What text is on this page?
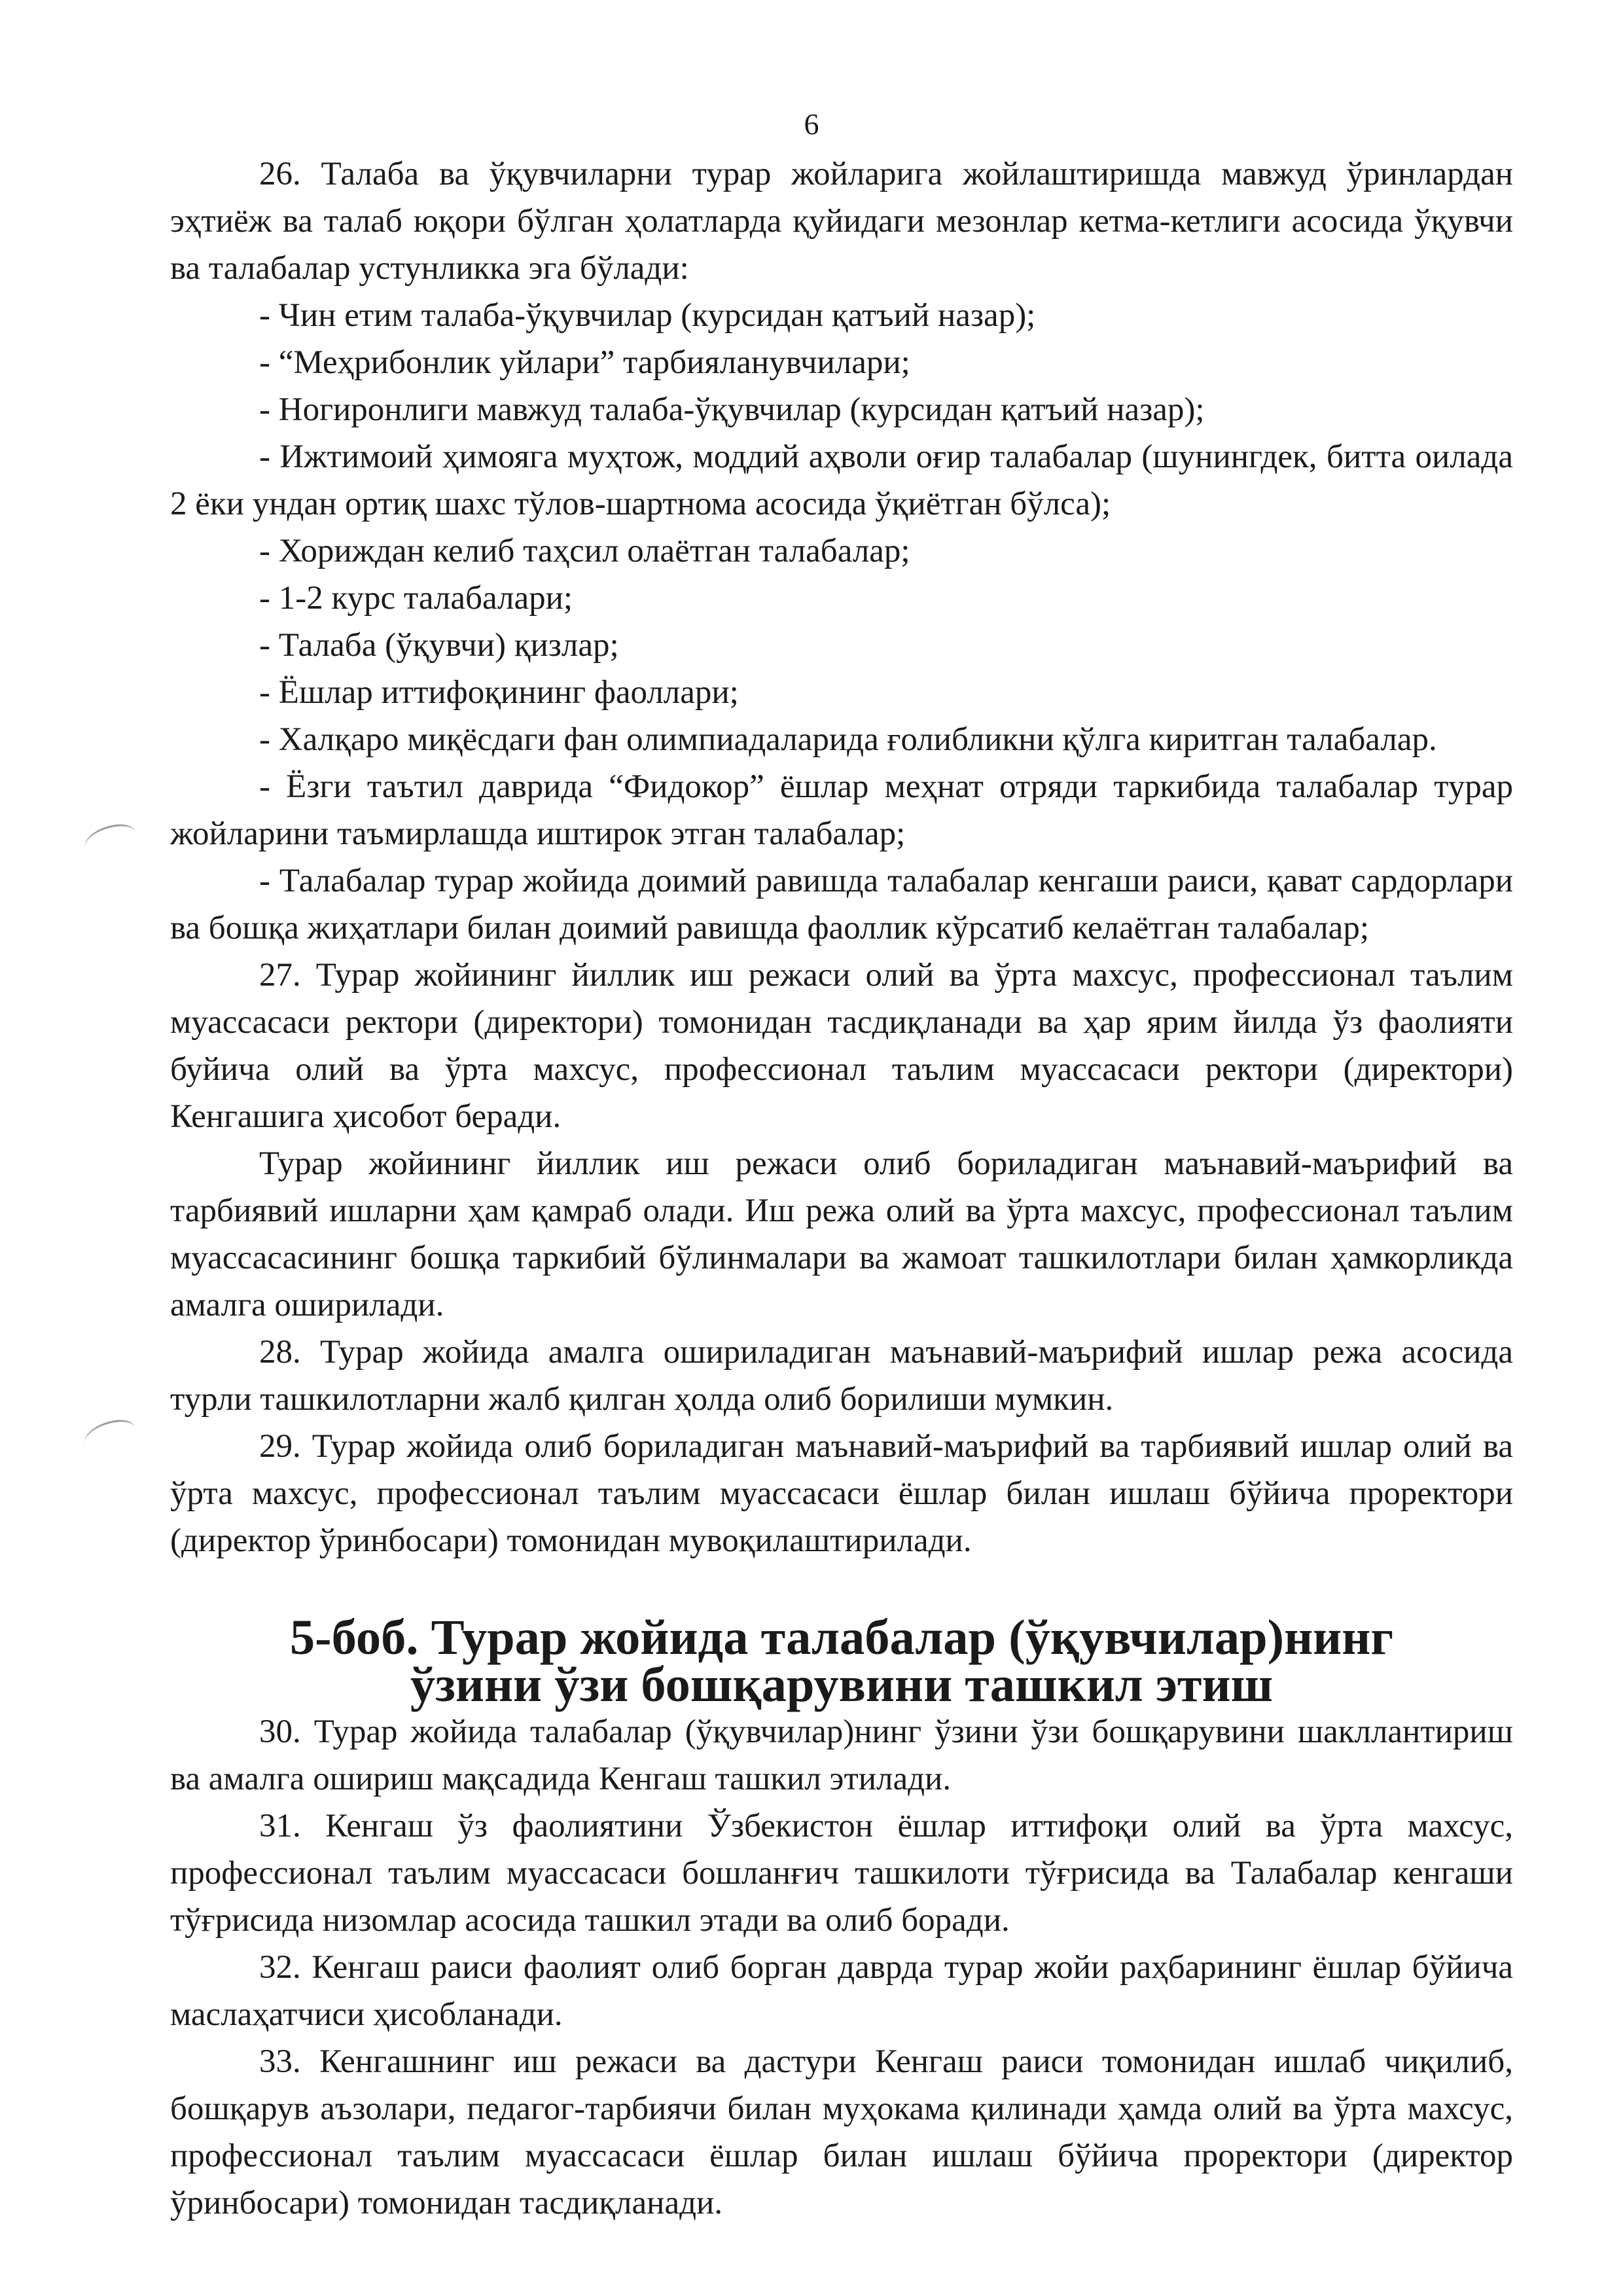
6

26. Талаба ва ўқувчиларни турар жойларига жойлаштиришда мавжуд ўринлардан эҳтиёж ва талаб юқори бўлган ҳолатларда қуйидаги мезонлар кетма-кетлиги асосида ўқувчи ва талабалар устунликка эга бўлади:

- Чин етим талаба-ўқувчилар (курсидан қатъий назар);

- “Меҳрибонлик уйлари” тарбияланувчилари;

- Ногиронлиги мавжуд талаба-ўқувчилар (курсидан қатъий назар);

- Ижтимоий ҳимояга муҳтож, моддий аҳволи оғир талабалар (шунингдек, битта оилада 2 ёки ундан ортиқ шахс тўлов-шартнома асосида ўқиётган бўлса);

- Хориждан келиб таҳсил олаётган талабалар;

- 1-2 курс талабалари;

- Талаба (ўқувчи) қизлар;

- Ёшлар иттифоқининг фаоллари;

- Халқаро миқёсдаги фан олимпиадаларида ғолибликни қўлга киритган талабалар.

- Ёзги таътил даврида “Фидокор” ёшлар меҳнат отряди таркибида талабалар турар жойларини таъмирлашда иштирок этган талабалар;

- Талабалар турар жойида доимий равишда талабалар кенгаши раиси, қават сардорлари ва бошқа жиҳатлари билан доимий равишда фаоллик кўрсатиб келаётган талабалар;

27. Турар жойининг йиллик иш режаси олий ва ўрта махсус, профессионал таълим муассасаси ректори (директори) томонидан тасдиқланади ва ҳар ярим йилда ўз фаолияти буйича олий ва ўрта махсус, профессионал таълим муассасаси ректори (директори) Кенгашига ҳисобот беради.

Турар жойининг йиллик иш режаси олиб бориладиган маънавий-маърифий ва тарбиявий ишларни ҳам қамраб олади. Иш режа олий ва ўрта махсус, профессионал таълим муассасасининг бошқа таркибий бўлинмалари ва жамоат ташкилотлари билан ҳамкорликда амалга оширилади.

28. Турар жойида амалга ошириладиган маънавий-маърифий ишлар режа асосида турли ташкилотларни жалб қилган ҳолда олиб борилиши мумкин.

29. Турар жойида олиб бориладиган маънавий-маърифий ва тарбиявий ишлар олий ва ўрта махсус, профессионал таълим муассасаси ёшлар билан ишлаш бўйича проректори (директор ўринбосари) томонидан мувоқилаштирилади.

5-боб. Турар жойида талабалар (ўқувчилар)нинг
ўзини ўзи бошқарувини ташкил этиш

30. Турар жойида талабалар (ўқувчилар)нинг ўзини ўзи бошқарувини шакллантириш ва амалга ошириш мақсадида Кенгаш ташкил этилади.

31. Кенгаш ўз фаолиятини Ўзбекистон ёшлар иттифоқи олий ва ўрта махсус, профессионал таълим муассасаси бошланғич ташкилоти тўғрисида ва Талабалар кенгаши тўғрисида низомлар асосида ташкил этади ва олиб боради.

32. Кенгаш раиси фаолият олиб борган даврда турар жойи раҳбарининг ёшлар бўйича маслаҳатчиси ҳисобланади.

33. Кенгашнинг иш режаси ва дастури Кенгаш раиси томонидан ишлаб чиқилиб, бошқарув аъзолари, педагог-тарбиячи билан муҳокама қилинади ҳамда олий ва ўрта махсус, профессионал таълим муассасаси ёшлар билан ишлаш бўйича проректори (директор ўринбосари) томонидан тасдиқланади.
